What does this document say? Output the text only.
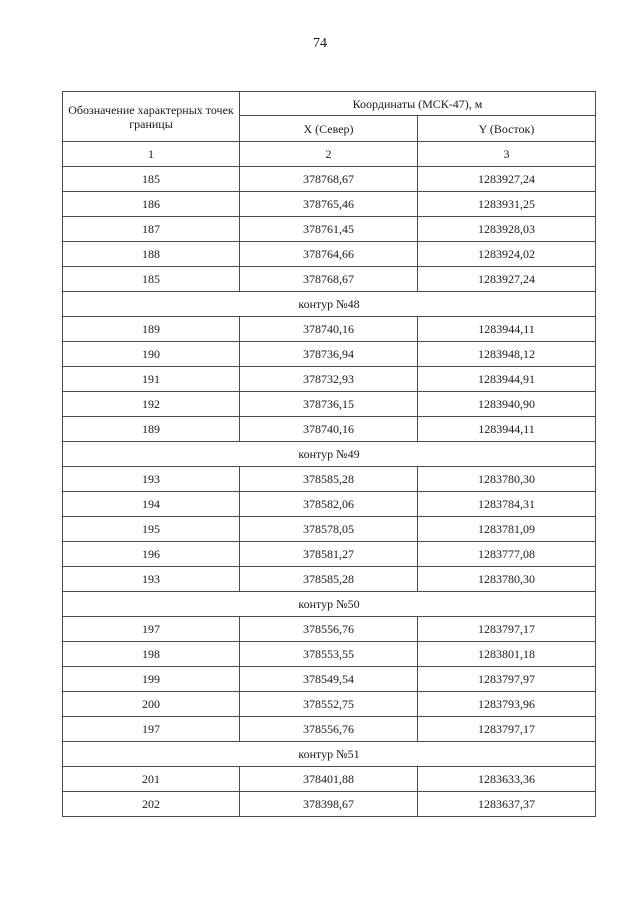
74
Обозначение характерных точек границы	Координаты (МСК-47), м	
	X (Север)	Y (Восток)
1	2	3
185	378768,67	1283927,24
186	378765,46	1283931,25
187	378761,45	1283928,03
188	378764,66	1283924,02
185	378768,67	1283927,24
контур №48		
189	378740,16	1283944,11
190	378736,94	1283948,12
191	378732,93	1283944,91
192	378736,15	1283940,90
189	378740,16	1283944,11
контур №49		
193	378585,28	1283780,30
194	378582,06	1283784,31
195	378578,05	1283781,09
196	378581,27	1283777,08
193	378585,28	1283780,30
контур №50		
197	378556,76	1283797,17
198	378553,55	1283801,18
199	378549,54	1283797,97
200	378552,75	1283793,96
197	378556,76	1283797,17
контур №51		
201	378401,88	1283633,36
202	378398,67	1283637,37
